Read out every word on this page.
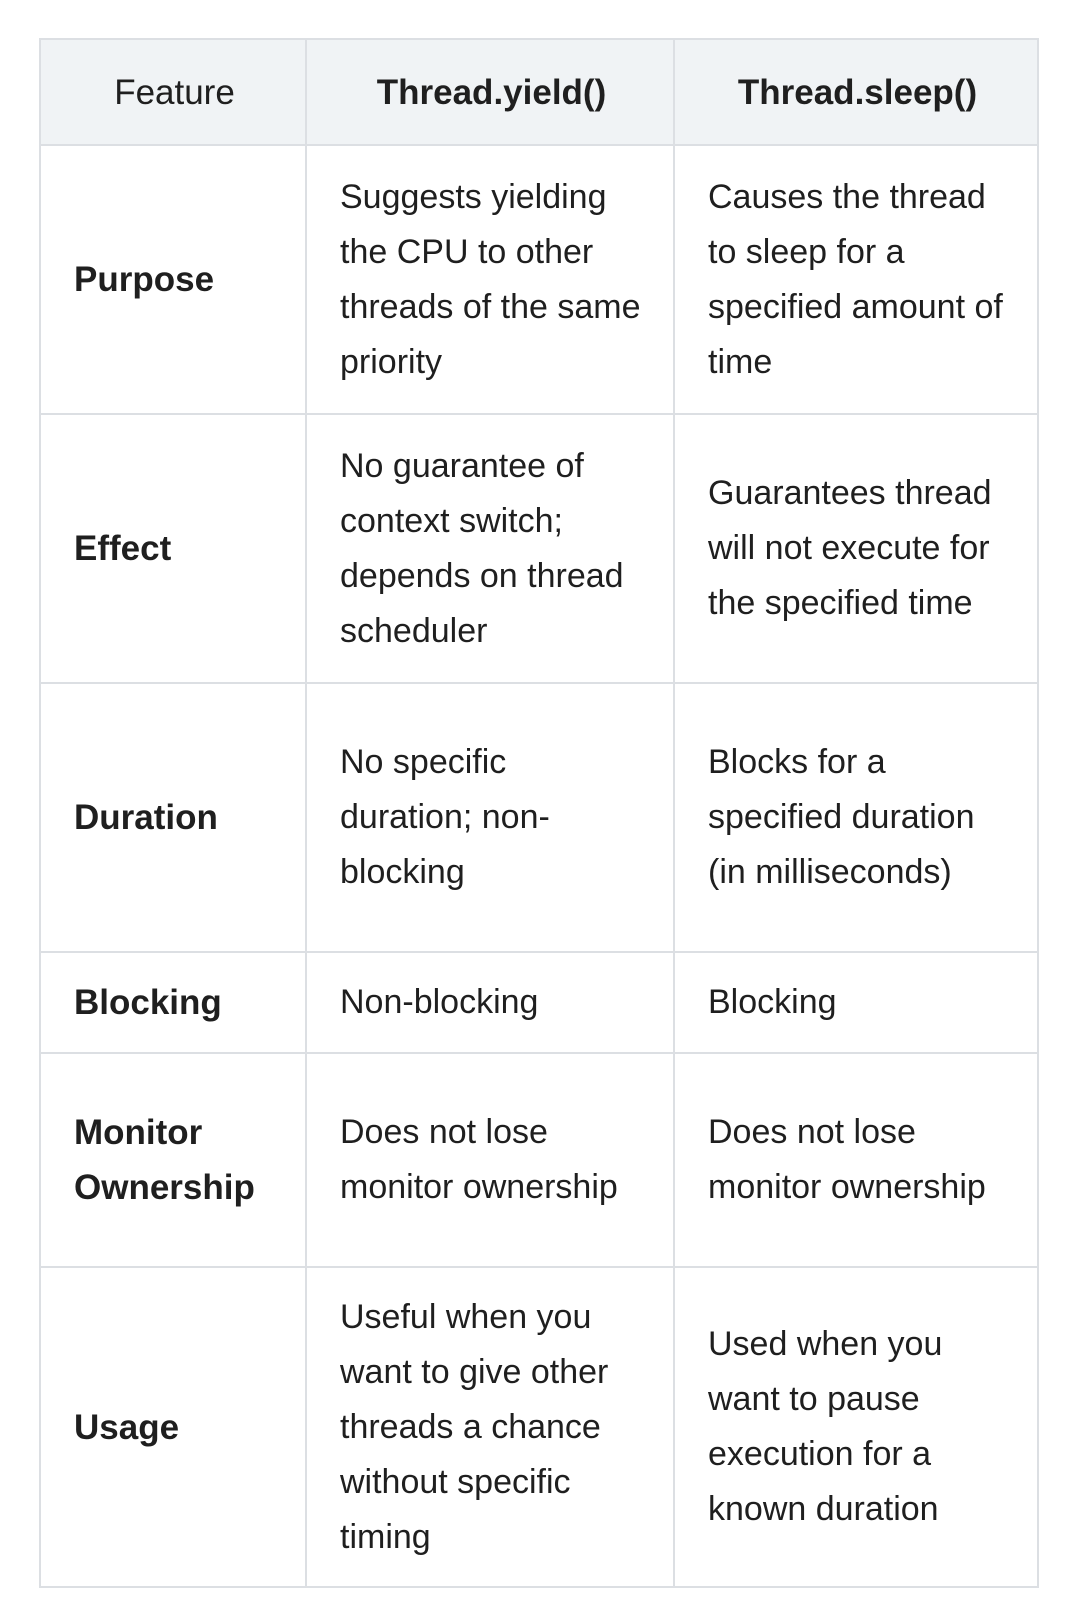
Feature	Thread.yield()	Thread.sleep()
Purpose	Suggests yielding the CPU to other threads of the same priority	Causes the thread to sleep for a specified amount of time
Effect	No guarantee of context switch; depends on thread scheduler	Guarantees thread will not execute for the specified time
Duration	No specific duration; non-blocking	Blocks for a specified duration (in milliseconds)
Blocking	Non-blocking	Blocking
Monitor Ownership	Does not lose monitor ownership	Does not lose monitor ownership
Usage	Useful when you want to give other threads a chance without specific timing	Used when you want to pause execution for a known duration
